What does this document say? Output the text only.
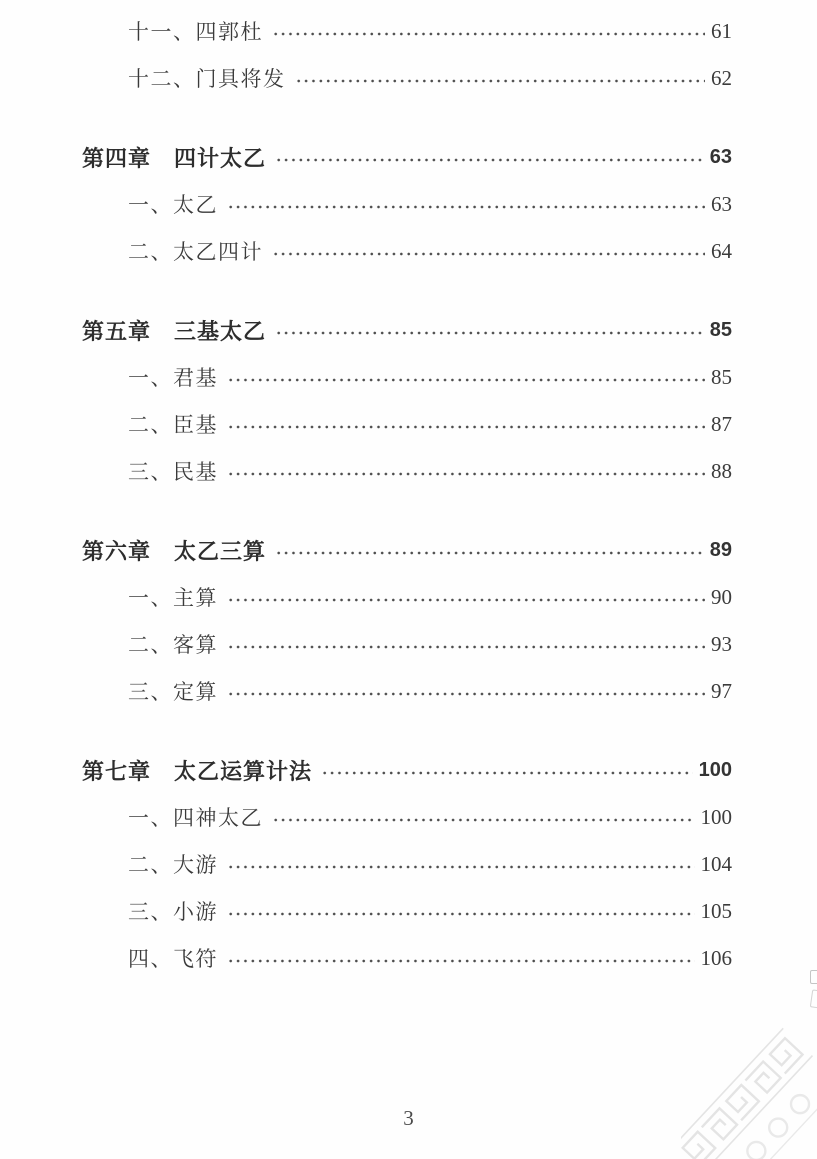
十一、四郭杜	61
十二、门具将发	62
第四章　四计太乙	63
一、太乙	63
二、太乙四计	64
第五章　三基太乙	85
一、君基	85
二、臣基	87
三、民基	88
第六章　太乙三算	89
一、主算	90
二、客算	93
三、定算	97
第七章　太乙运算计法	100
一、四神太乙	100
二、大游	104
三、小游	105
四、飞符	106
3
